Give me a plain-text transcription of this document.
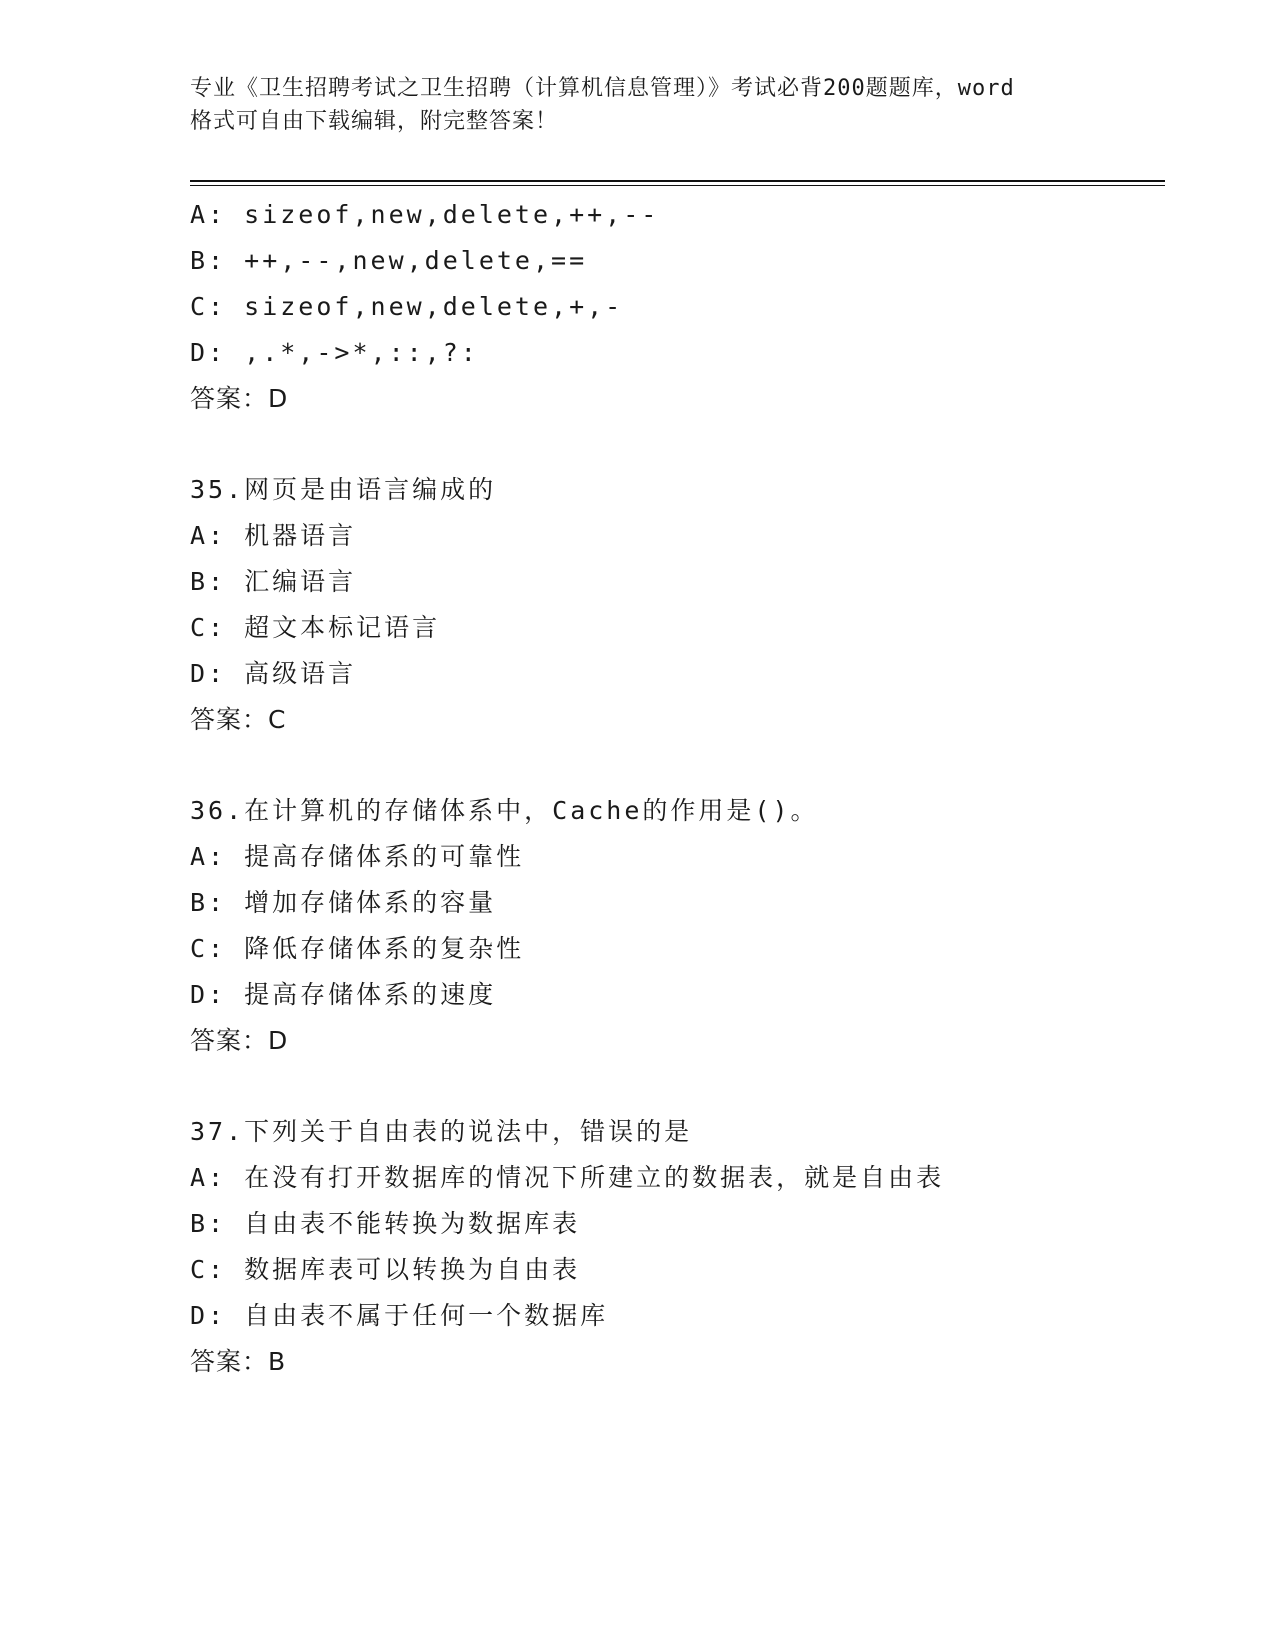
专业《卫生招聘考试之卫生招聘（计算机信息管理）》考试必背200题题库，word
格式可自由下载编辑，附完整答案！
A: sizeof,new,delete,++,--
B: ++,--,new,delete,==
C: sizeof,new,delete,+,-
D: ,.*,->*,::,?:
答案：D
35.网页是由语言编成的
A: 机器语言
B: 汇编语言
C: 超文本标记语言
D: 高级语言
答案：C
36.在计算机的存储体系中，Cache的作用是()。
A: 提高存储体系的可靠性
B: 增加存储体系的容量
C: 降低存储体系的复杂性
D: 提高存储体系的速度
答案：D
37.下列关于自由表的说法中，错误的是
A: 在没有打开数据库的情况下所建立的数据表，就是自由表
B: 自由表不能转换为数据库表
C: 数据库表可以转换为自由表
D: 自由表不属于任何一个数据库
答案：B
